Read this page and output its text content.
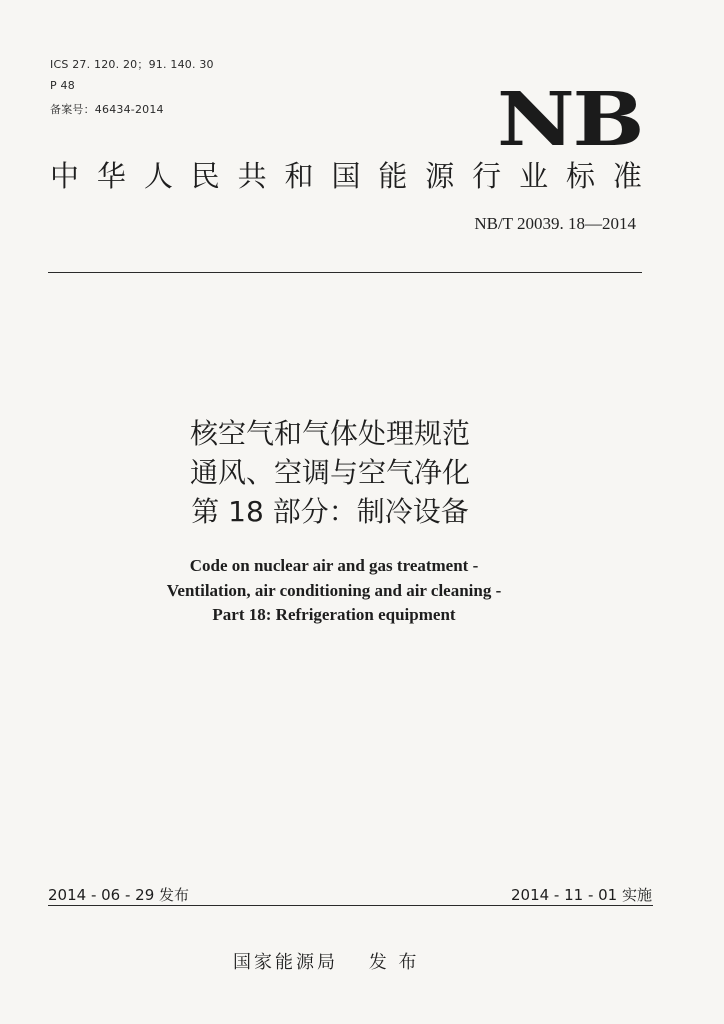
ICS 27. 120. 20；91. 140. 30
P 48
备案号：46434-2014	NB
中 华 人 民 共 和 国 能 源 行 业 标 准
NB/T 20039. 18—2014
核空气和气体处理规范
通风、空调与空气净化
第 18 部分：制冷设备
Code on nuclear air and gas treatment -
Ventilation, air conditioning and air cleaning -
Part 18: Refrigeration equipment
2014 - 06 - 29 发布	2014 - 11 - 01 实施
国家能源局 发 布
